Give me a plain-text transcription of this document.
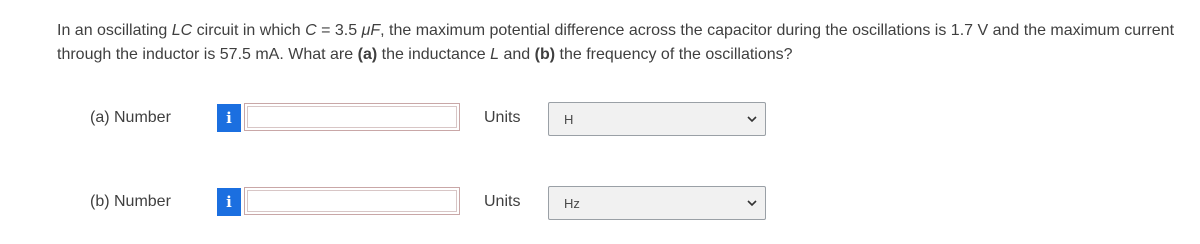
In an oscillating LC circuit in which C = 3.5 μF, the maximum potential difference across the capacitor during the oscillations is 1.7 V and the maximum current through the inductor is 57.5 mA. What are (a) the inductance L and (b) the frequency of the oscillations?
(a) Number	i	Units	H
(b) Number	i	Units	Hz
